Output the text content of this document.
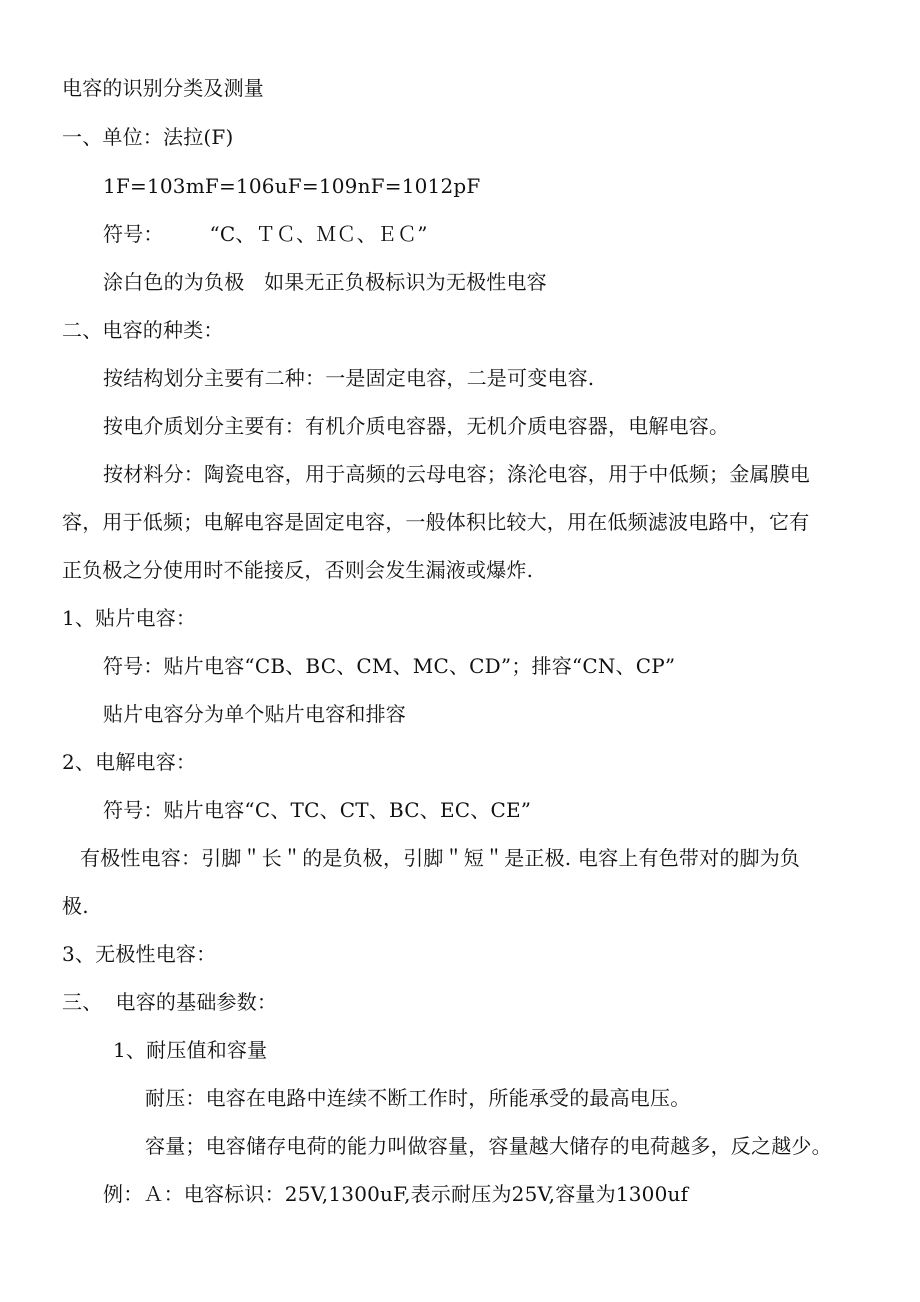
电容的识别分类及测量
一、单位：法拉(F)
1F=103mF=106uF=109nF=1012pF
符号：       “C、ＴＣ、ＭＣ、ＥＣ”
涂白色的为负极   如果无正负极标识为无极性电容
二、电容的种类：
按结构划分主要有二种：一是固定电容，二是可变电容.
按电介质划分主要有：有机介质电容器，无机介质电容器，电解电容。
按材料分：陶瓷电容，用于高频的云母电容；涤沦电容，用于中低频；金属膜电
容，用于低频；电解电容是固定电容，一般体积比较大，用在低频滤波电路中，它有
正负极之分使用时不能接反，否则会发生漏液或爆炸.
1、贴片电容：
符号：贴片电容“CB、BC、CM、MC、CD”；排容“CN、CP”
贴片电容分为单个贴片电容和排容
2、电解电容：
符号：贴片电容“C、TC、CT、BC、EC、CE”
有极性电容：引脚＂长＂的是负极，引脚＂短＂是正极. 电容上有色带对的脚为负
极.
3、无极性电容：
三、  电容的基础参数：
1、耐压值和容量
耐压：电容在电路中连续不断工作时，所能承受的最高电压。
容量；电容储存电荷的能力叫做容量，容量越大储存的电荷越多，反之越少。
例：Ａ：电容标识：25V,1300uF,表示耐压为25V,容量为1300uf
